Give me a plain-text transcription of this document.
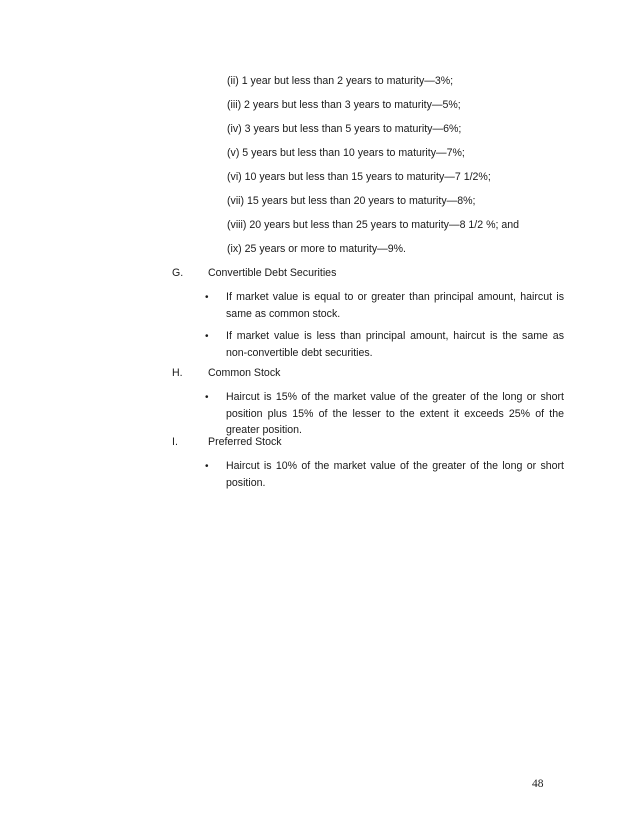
(ii) 1 year but less than 2 years to maturity—3%;
(iii) 2 years but less than 3 years to maturity—5%;
(iv) 3 years but less than 5 years to maturity—6%;
(v) 5 years but less than 10 years to maturity—7%;
(vi) 10 years but less than 15 years to maturity—7 1/2%;
(vii) 15 years but less than 20 years to maturity—8%;
(viii) 20 years but less than 25 years to maturity—8 1/2 %; and
(ix) 25 years or more to maturity—9%.
G. Convertible Debt Securities
• If market value is equal to or greater than principal amount, haircut is same as common stock.
• If market value is less than principal amount, haircut is the same as non-convertible debt securities.
H. Common Stock
• Haircut is 15% of the market value of the greater of the long or short position plus 15% of the lesser to the extent it exceeds 25% of the greater position.
I.	Preferred Stock
• Haircut is 10% of the market value of the greater of the long or short position.
48
